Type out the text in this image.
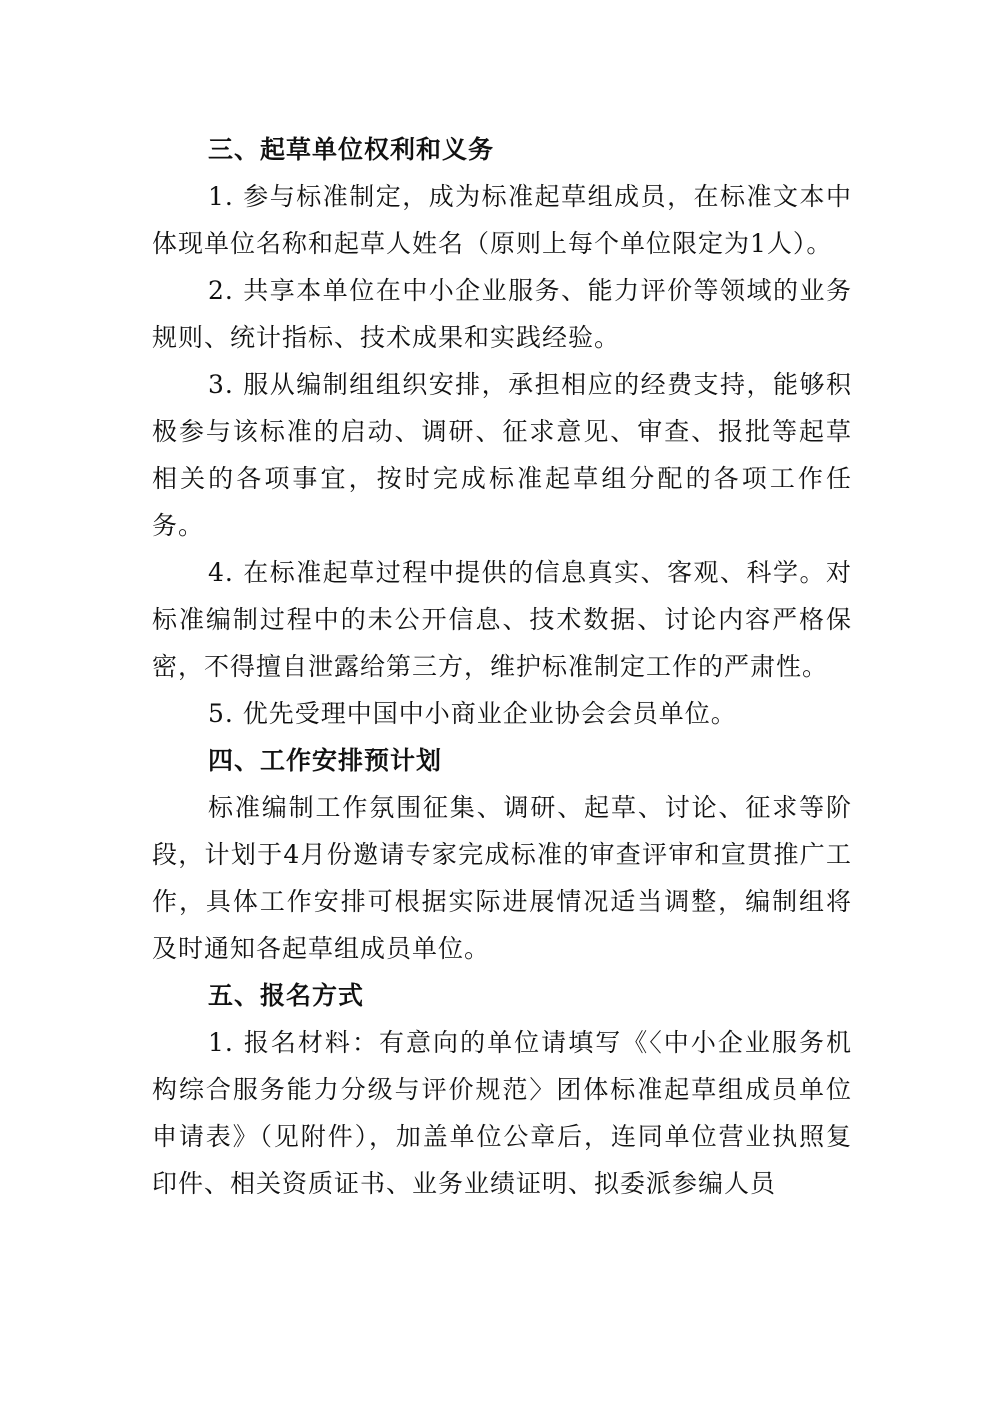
三、起草单位权利和义务

1. 参与标准制定，成为标准起草组成员，在标准文本中体现单位名称和起草人姓名（原则上每个单位限定为1人）。

2. 共享本单位在中小企业服务、能力评价等领域的业务规则、统计指标、技术成果和实践经验。

3. 服从编制组组织安排，承担相应的经费支持，能够积极参与该标准的启动、调研、征求意见、审查、报批等起草相关的各项事宜，按时完成标准起草组分配的各项工作任务。

4. 在标准起草过程中提供的信息真实、客观、科学。对标准编制过程中的未公开信息、技术数据、讨论内容严格保密，不得擅自泄露给第三方，维护标准制定工作的严肃性。

5. 优先受理中国中小商业企业协会会员单位。

四、工作安排预计划

标准编制工作氛围征集、调研、起草、讨论、征求等阶段，计划于4月份邀请专家完成标准的审查评审和宣贯推广工作，具体工作安排可根据实际进展情况适当调整，编制组将及时通知各起草组成员单位。

五、报名方式

1. 报名材料：有意向的单位请填写《〈中小企业服务机构综合服务能力分级与评价规范〉团体标准起草组成员单位申请表》（见附件），加盖单位公章后，连同单位营业执照复印件、相关资质证书、业务业绩证明、拟委派参编人员
